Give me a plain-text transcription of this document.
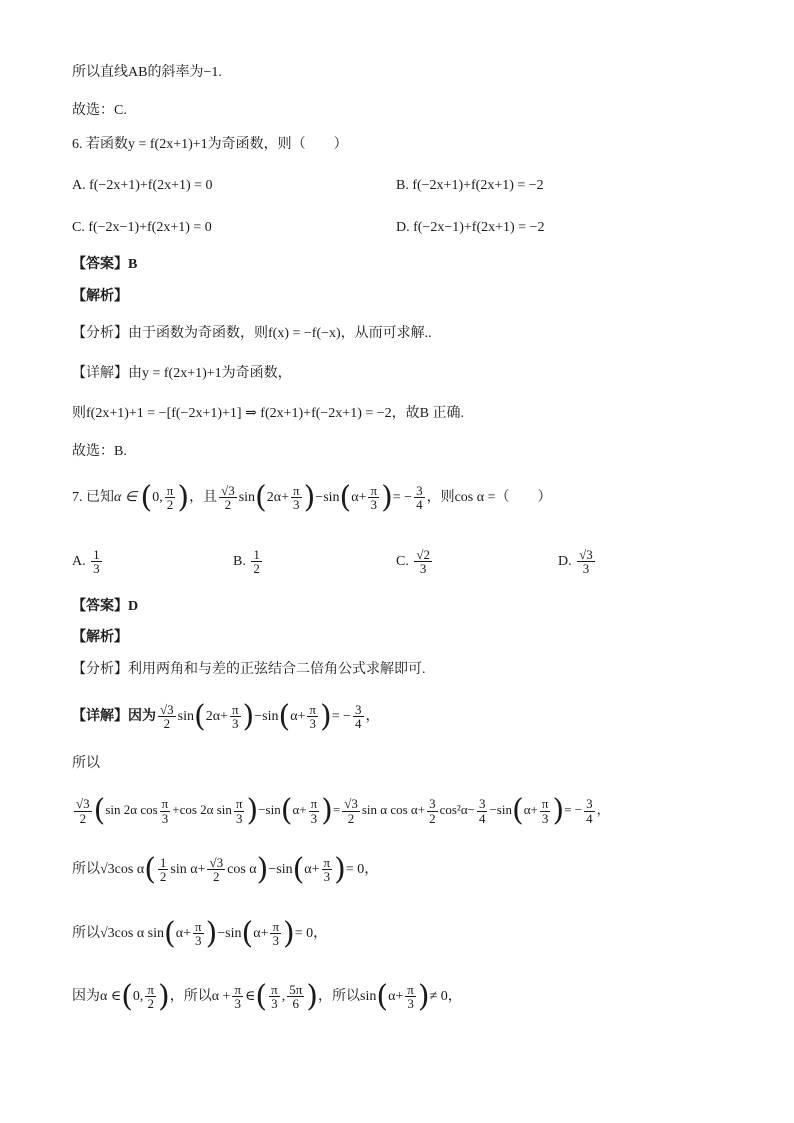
所以直线AB的斜率为−1.
故选：C.
6. 若函数y = f(2x+1)+1为奇函数，则（　　）
A. f(−2x+1)+f(2x+1) = 0	B. f(−2x+1)+f(2x+1) = −2
C. f(−2x−1)+f(2x+1) = 0	D. f(−2x−1)+f(2x+1) = −2
【答案】B
【解析】
【分析】由于函数为奇函数，则f(x) = −f(−x)，从而可求解..
【详解】由y = f(2x+1)+1为奇函数，
则f(2x+1)+1 = −[f(−2x+1)+1] ⇒ f(2x+1)+f(−2x+1) = −2，故B 正确.
故选：B.
7. 已知α ∈ (0, $\frac{\pi}{2}$ )，且 $\frac{√3}{2} \sin(2\alpha+ \frac{\pi}{3} )-\sin(\alpha+ \frac{\pi}{3}$ )= − $\frac{3}{4}$ ，则cos α =（　　）
A. $\frac{1}{3}$	B. $\frac{1}{2}$	C. $\frac{√2}{3}$	D. $\frac{√3}{3}$
【答案】D
【解析】
【分析】利用两角和与差的正弦结合二倍角公式求解即可.
【详解】因为 $\frac{√3}{2} \sin(2\alpha+ \frac{\pi}{3} )-\sin(\alpha+ \frac{\pi}{3}$ )= − $\frac{3}{4}$ ，
所以
$\frac{√3}{2} (\sin$ 2α $\cos \frac{\pi}{3} +\cos$ 2α $\sin \frac{\pi}{3} )-\sin(\alpha+ \frac{\pi}{3}$ )= $\frac{√3}{2}$ sin α $\cos \alpha+ \frac{3}{2} \cos^2\alpha- \frac{3}{4} -\sin(\alpha+ \frac{\pi}{3}$ )= − $\frac{3}{4}$ ，
所以√3cos $\alpha( \frac{1}{2}$ $\sin \alpha+ \frac{√3}{2}$ $\cos \alpha)-\sin(\alpha+ \frac{\pi}{3}$ )= 0，
所以√3cos α $\sin(\alpha+ \frac{\pi}{3} )-\sin(\alpha+ \frac{\pi}{3}$ )= 0，
因为α ∈(0, $\frac{\pi}{2}$ )，所以$\alpha + \frac{\pi}{3}$ ∈( $\frac{\pi}{3}$ , $\frac{5\pi}{6}$ )，所以$\sin(\alpha+ \frac{\pi}{3}$ )≠ 0，
